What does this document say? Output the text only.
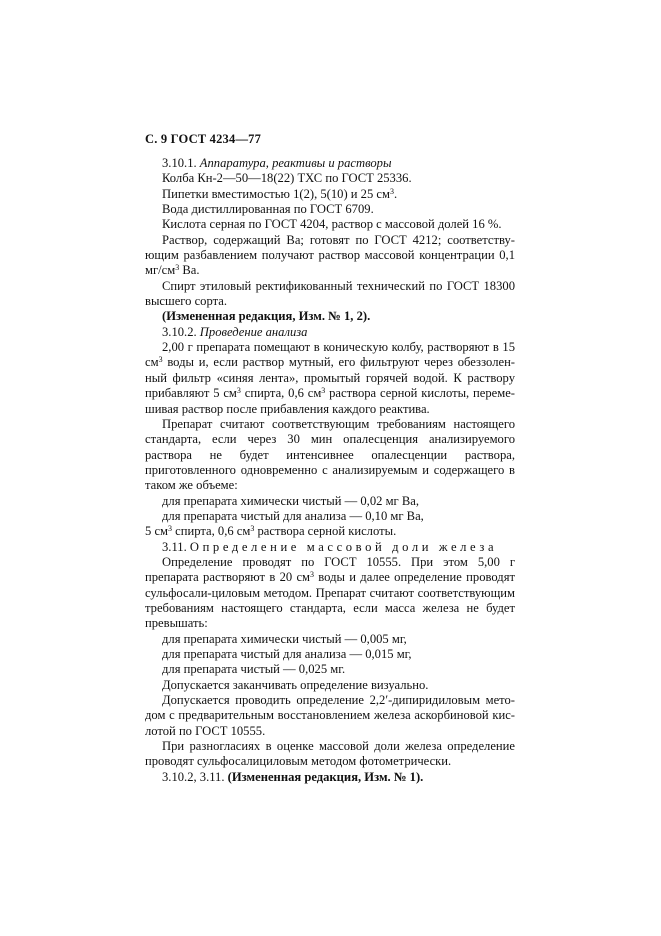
С. 9 ГОСТ 4234—77

3.10.1. Аппаратура, реактивы и растворы

Колба Кн-2—50—18(22) ТХС по ГОСТ 25336.

Пипетки вместимостью 1(2), 5(10) и 25 $см^3$.

Вода дистиллированная по ГОСТ 6709.

Кислота серная по ГОСТ 4204, раствор с массовой долей 16 %.

Раствор, содержащий Ва; готовят по ГОСТ 4212; соответству-ющим разбавлением получают раствор массовой концентрации 0,1 $мг/см^3$ Ва.

Спирт этиловый ректификованный технический по ГОСТ 18300 высшего сорта.

(Измененная редакция, Изм. № 1, 2).

3.10.2. Проведение анализа

2,00 г препарата помещают в коническую колбу, растворяют в 15 $см^3$ воды и, если раствор мутный, его фильтруют через обеззолен-ный фильтр «синяя лента», промытый горячей водой. К раствору прибавляют 5 $см^3$ спирта, 0,6 $см^3$ раствора серной кислоты, переме-шивая раствор после прибавления каждого реактива.

Препарат считают соответствующим требованиям настоящего стандарта, если через 30 мин опалесценция анализируемого раствора не будет интенсивнее опалесценции раствора, приготовленного одновременно с анализируемым и содержащего в таком же объеме:

для препарата химически чистый — 0,02 мг Ва,

для препарата чистый для анализа — 0,10 мг Ва,

5 $см^3$ спирта, 0,6 $см^3$ раствора серной кислоты.

3.11. Определение массовой доли железа

Определение проводят по ГОСТ 10555. При этом 5,00 г препарата растворяют в 20 $см^3$ воды и далее определение проводят сульфосали-циловым методом. Препарат считают соответствующим требованиям настоящего стандарта, если масса железа не будет превышать:

для препарата химически чистый — 0,005 мг,

для препарата чистый для анализа — 0,015 мг,

для препарата чистый — 0,025 мг.

Допускается заканчивать определение визуально.

Допускается проводить определение 2,2′-дипиридиловым мето-дом с предварительным восстановлением железа аскорбиновой кис-лотой по ГОСТ 10555.

При разногласиях в оценке массовой доли железа определение проводят сульфосалициловым методом фотометрически.

3.10.2, 3.11. (Измененная редакция, Изм. № 1).
